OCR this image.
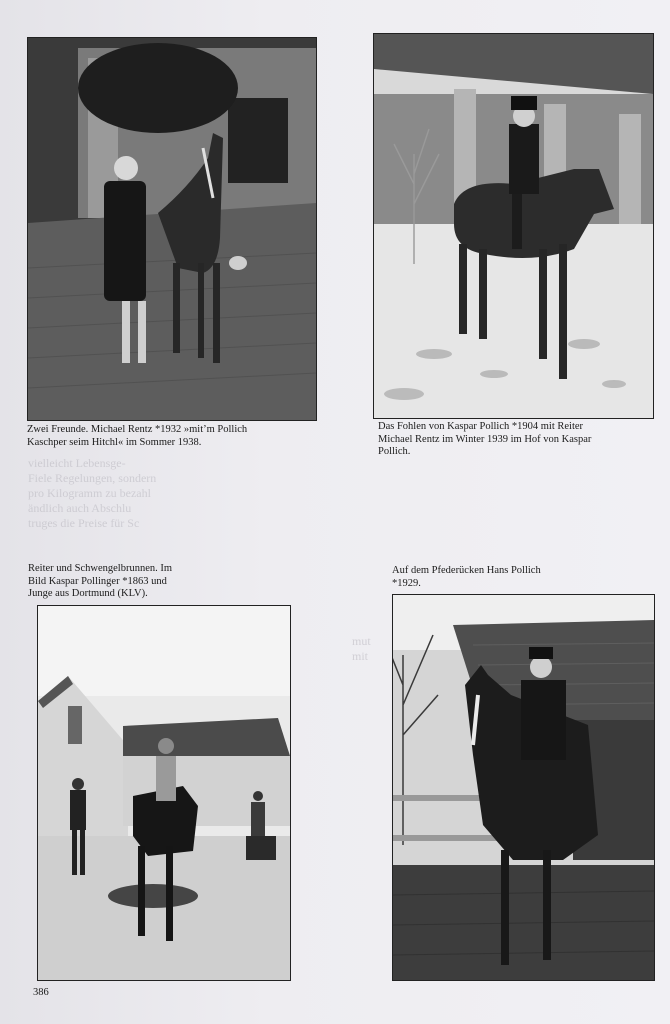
vielleicht Lebensge-
Fiele Regelungen, sondern
pro Kilogramm zu bezahl
ändlich auch Abschlu
truges die Preise für Sc

mut
mit

Zwei Freunde. Michael Rentz *1932 »mit’m Pollich
Kaschper seim Hitchl« im Sommer 1938.

Das Fohlen von Kaspar Pollich *1904 mit Reiter
Michael Rentz im Winter 1939 im Hof von Kaspar
Pollich.

Reiter und Schwengelbrunnen. Im
Bild Kaspar Pollinger *1863 und
Junge aus Dortmund (KLV).

Auf dem Pfederücken Hans Pollich
*1929.

386
